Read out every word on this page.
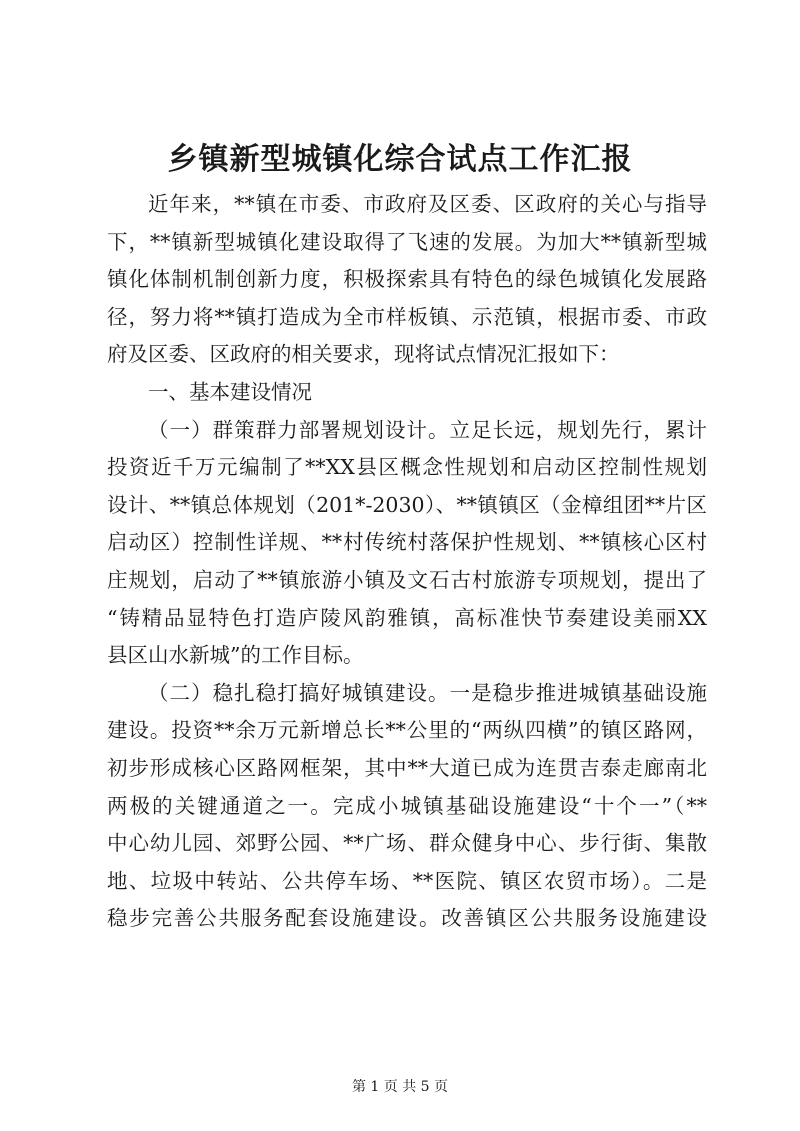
乡镇新型城镇化综合试点工作汇报
近年来，**镇在市委、市政府及区委、区政府的关心与指导
下，**镇新型城镇化建设取得了飞速的发展。为加大**镇新型城
镇化体制机制创新力度，积极探索具有特色的绿色城镇化发展路
径，努力将**镇打造成为全市样板镇、示范镇，根据市委、市政
府及区委、区政府的相关要求，现将试点情况汇报如下：
一、基本建设情况
（一）群策群力部署规划设计。立足长远，规划先行，累计
投资近千万元编制了**XX县区概念性规划和启动区控制性规划
设计、**镇总体规划（201*-2030）、**镇镇区（金樟组团**片区
启动区）控制性详规、**村传统村落保护性规划、**镇核心区村
庄规划，启动了**镇旅游小镇及文石古村旅游专项规划，提出了
“铸精品显特色打造庐陵风韵雅镇，高标准快节奏建设美丽XX
县区山水新城”的工作目标。
（二）稳扎稳打搞好城镇建设。一是稳步推进城镇基础设施
建设。投资**余万元新增总长**公里的“两纵四横”的镇区路网，
初步形成核心区路网框架，其中**大道已成为连贯吉泰走廊南北
两极的关键通道之一。完成小城镇基础设施建设“十个一”（**
中心幼儿园、郊野公园、**广场、群众健身中心、步行街、集散
地、垃圾中转站、公共停车场、**医院、镇区农贸市场）。二是
稳步完善公共服务配套设施建设。改善镇区公共服务设施建设
第 1 页 共 5 页
